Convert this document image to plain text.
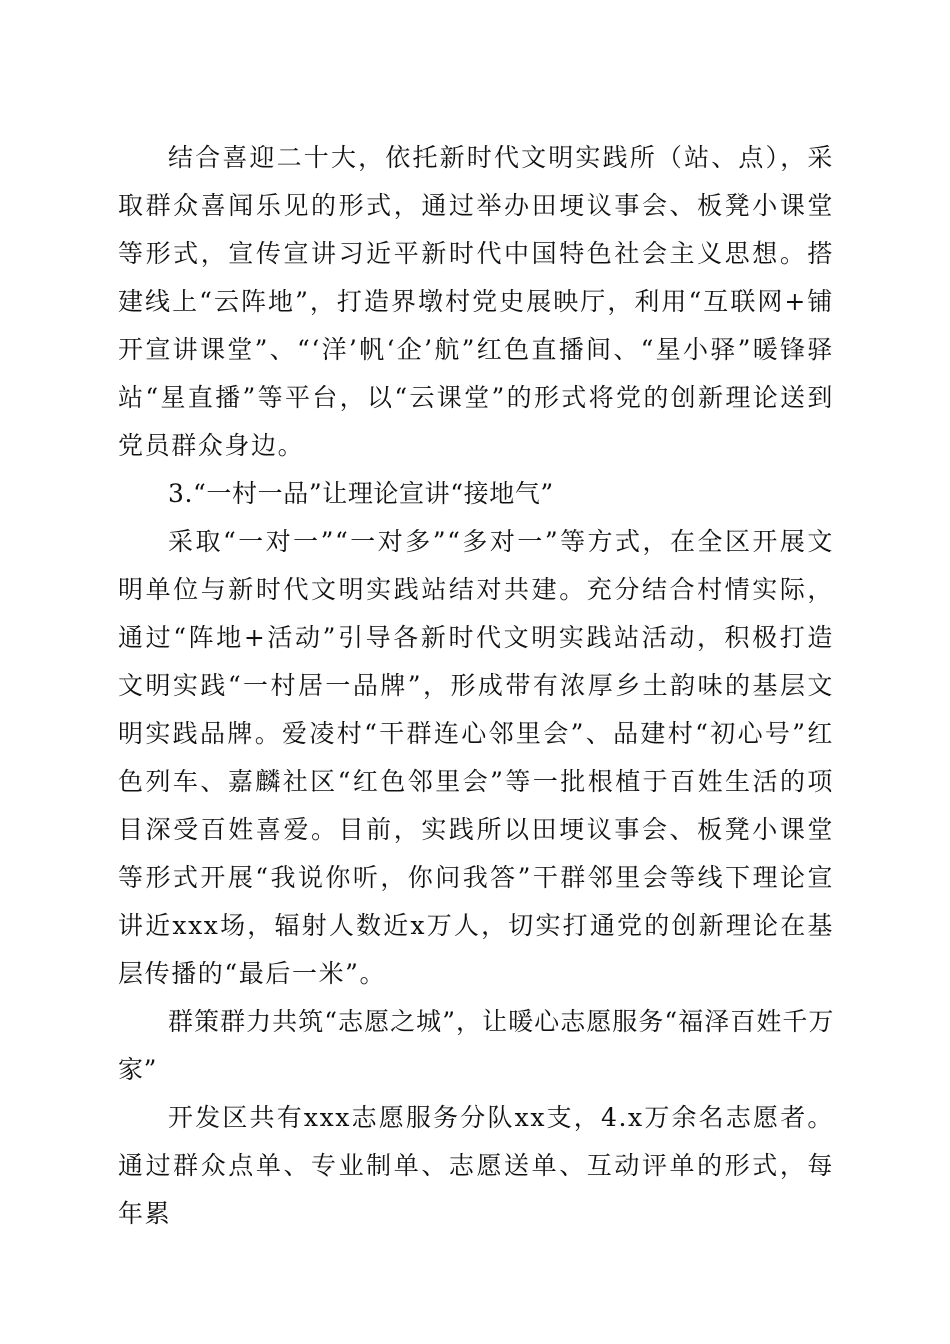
结合喜迎二十大，依托新时代文明实践所（站、点），采取群众喜闻乐见的形式，通过举办田埂议事会、板凳小课堂等形式，宣传宣讲习近平新时代中国特色社会主义思想。搭建线上“云阵地”，打造界墩村党史展映厅，利用“互联网+铺开宣讲课堂”、“‘洋’帆‘企’航”红色直播间、“星小驿”暖锋驿站“星直播”等平台，以“云课堂”的形式将党的创新理论送到党员群众身边。

3.“一村一品”让理论宣讲“接地气”

采取“一对一”“一对多”“多对一”等方式，在全区开展文明单位与新时代文明实践站结对共建。充分结合村情实际，通过“阵地+活动”引导各新时代文明实践站活动，积极打造文明实践“一村居一品牌”，形成带有浓厚乡土韵味的基层文明实践品牌。爱凌村“干群连心邻里会”、品建村“初心号”红色列车、嘉麟社区“红色邻里会”等一批根植于百姓生活的项目深受百姓喜爱。目前，实践所以田埂议事会、板凳小课堂等形式开展“我说你听，你问我答”干群邻里会等线下理论宣讲近xxx场，辐射人数近x万人，切实打通党的创新理论在基层传播的“最后一米”。

群策群力共筑“志愿之城”，让暖心志愿服务“福泽百姓千万家”

开发区共有xxx志愿服务分队xx支，4.x万余名志愿者。通过群众点单、专业制单、志愿送单、互动评单的形式，每年累
